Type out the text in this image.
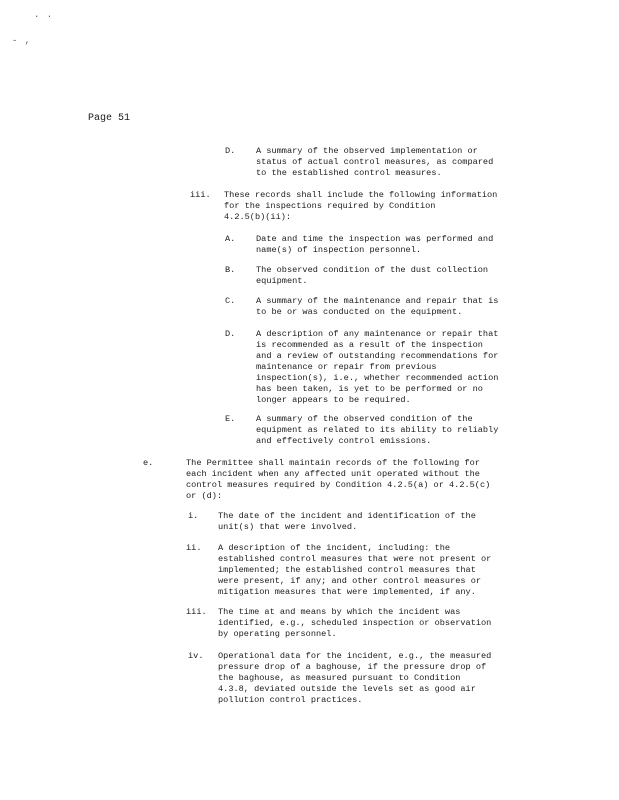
. .
- ,
Page 51
D. A summary of the observed implementation or
status of actual control measures, as compared
to the established control measures.
iii. These records shall include the following information
for the inspections required by Condition
4.2.5(b)(ii):
A. Date and time the inspection was performed and
name(s) of inspection personnel.
B. The observed condition of the dust collection
equipment.
C. A summary of the maintenance and repair that is
to be or was conducted on the equipment.
D. A description of any maintenance or repair that
is recommended as a result of the inspection
and a review of outstanding recommendations for
maintenance or repair from previous
inspection(s), i.e., whether recommended action
has been taken, is yet to be performed or no
longer appears to be required.
E. A summary of the observed condition of the
equipment as related to its ability to reliably
and effectively control emissions.
e.	The Permittee shall maintain records of the following for
each incident when any affected unit operated without the
control measures required by Condition 4.2.5(a) or 4.2.5(c)
or (d):
i. The date of the incident and identification of the
unit(s) that were involved.
ii. A description of the incident, including: the
established control measures that were not present or
implemented; the established control measures that
were present, if any; and other control measures or
mitigation measures that were implemented, if any.
iii. The time at and means by which the incident was
identified, e.g., scheduled inspection or observation
by operating personnel.
iv. Operational data for the incident, e.g., the measured
pressure drop of a baghouse, if the pressure drop of
the baghouse, as measured pursuant to Condition
4.3.8, deviated outside the levels set as good air
pollution control practices.
